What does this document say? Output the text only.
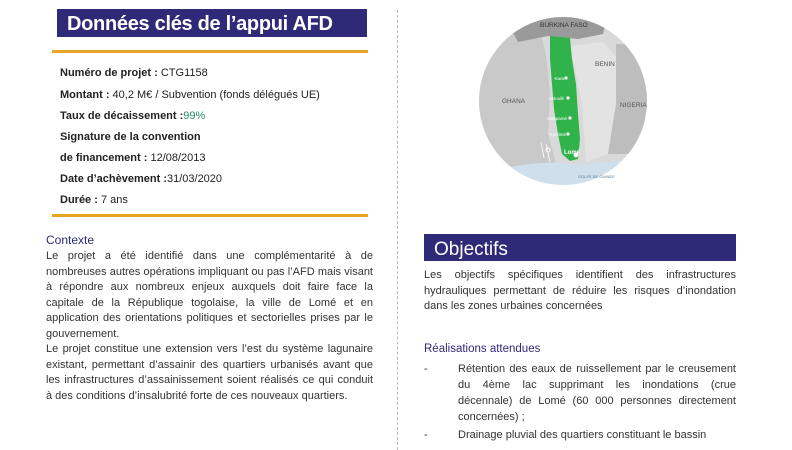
Données clés de l’appui AFD
Numéro de projet : CTG1158
Montant : 40,2 M€ / Subvention (fonds délégués UE)
Taux de décaissement :99%
Signature de la convention
de financement : 12/08/2013
Date d’achèvement :31/03/2020
Durée : 7 ans
Contexte

Le projet a été identifié dans une complémentarité à de nombreuses autres opérations impliquant ou pas l’AFD mais visant à répondre aux nombreux enjeux auxquels doit faire face la capitale de la République togolaise, la ville de Lomé et en application des orientations politiques et sectorielles prises par le gouvernement.

Le projet constitue une extension vers l’est du système lagunaire existant, permettant d’assainir des quartiers urbanisés avant que les infrastructures d’assainissement soient réalisés ce qui conduit à des conditions d’insalubrité forte de ces nouveaux quartiers.

BURKINA FASO
BENIN
GHANA
NIGERIA
Kara
Sokodé
Atakpamé
Kpalimé
Lomé
GOLFE DE GUINÉE
Objectifs

Les objectifs spécifiques identifient des infrastructures hydrauliques permettant de réduire les risques d’inondation dans les zones urbaines concernées

Réalisations attendues
-	Rétention des eaux de ruissellement par le creusement du 4ème lac supprimant les inondations (crue décennale) de Lomé (60 000 personnes directement concernées) ;
-	Drainage pluvial des quartiers constituant le bassin
